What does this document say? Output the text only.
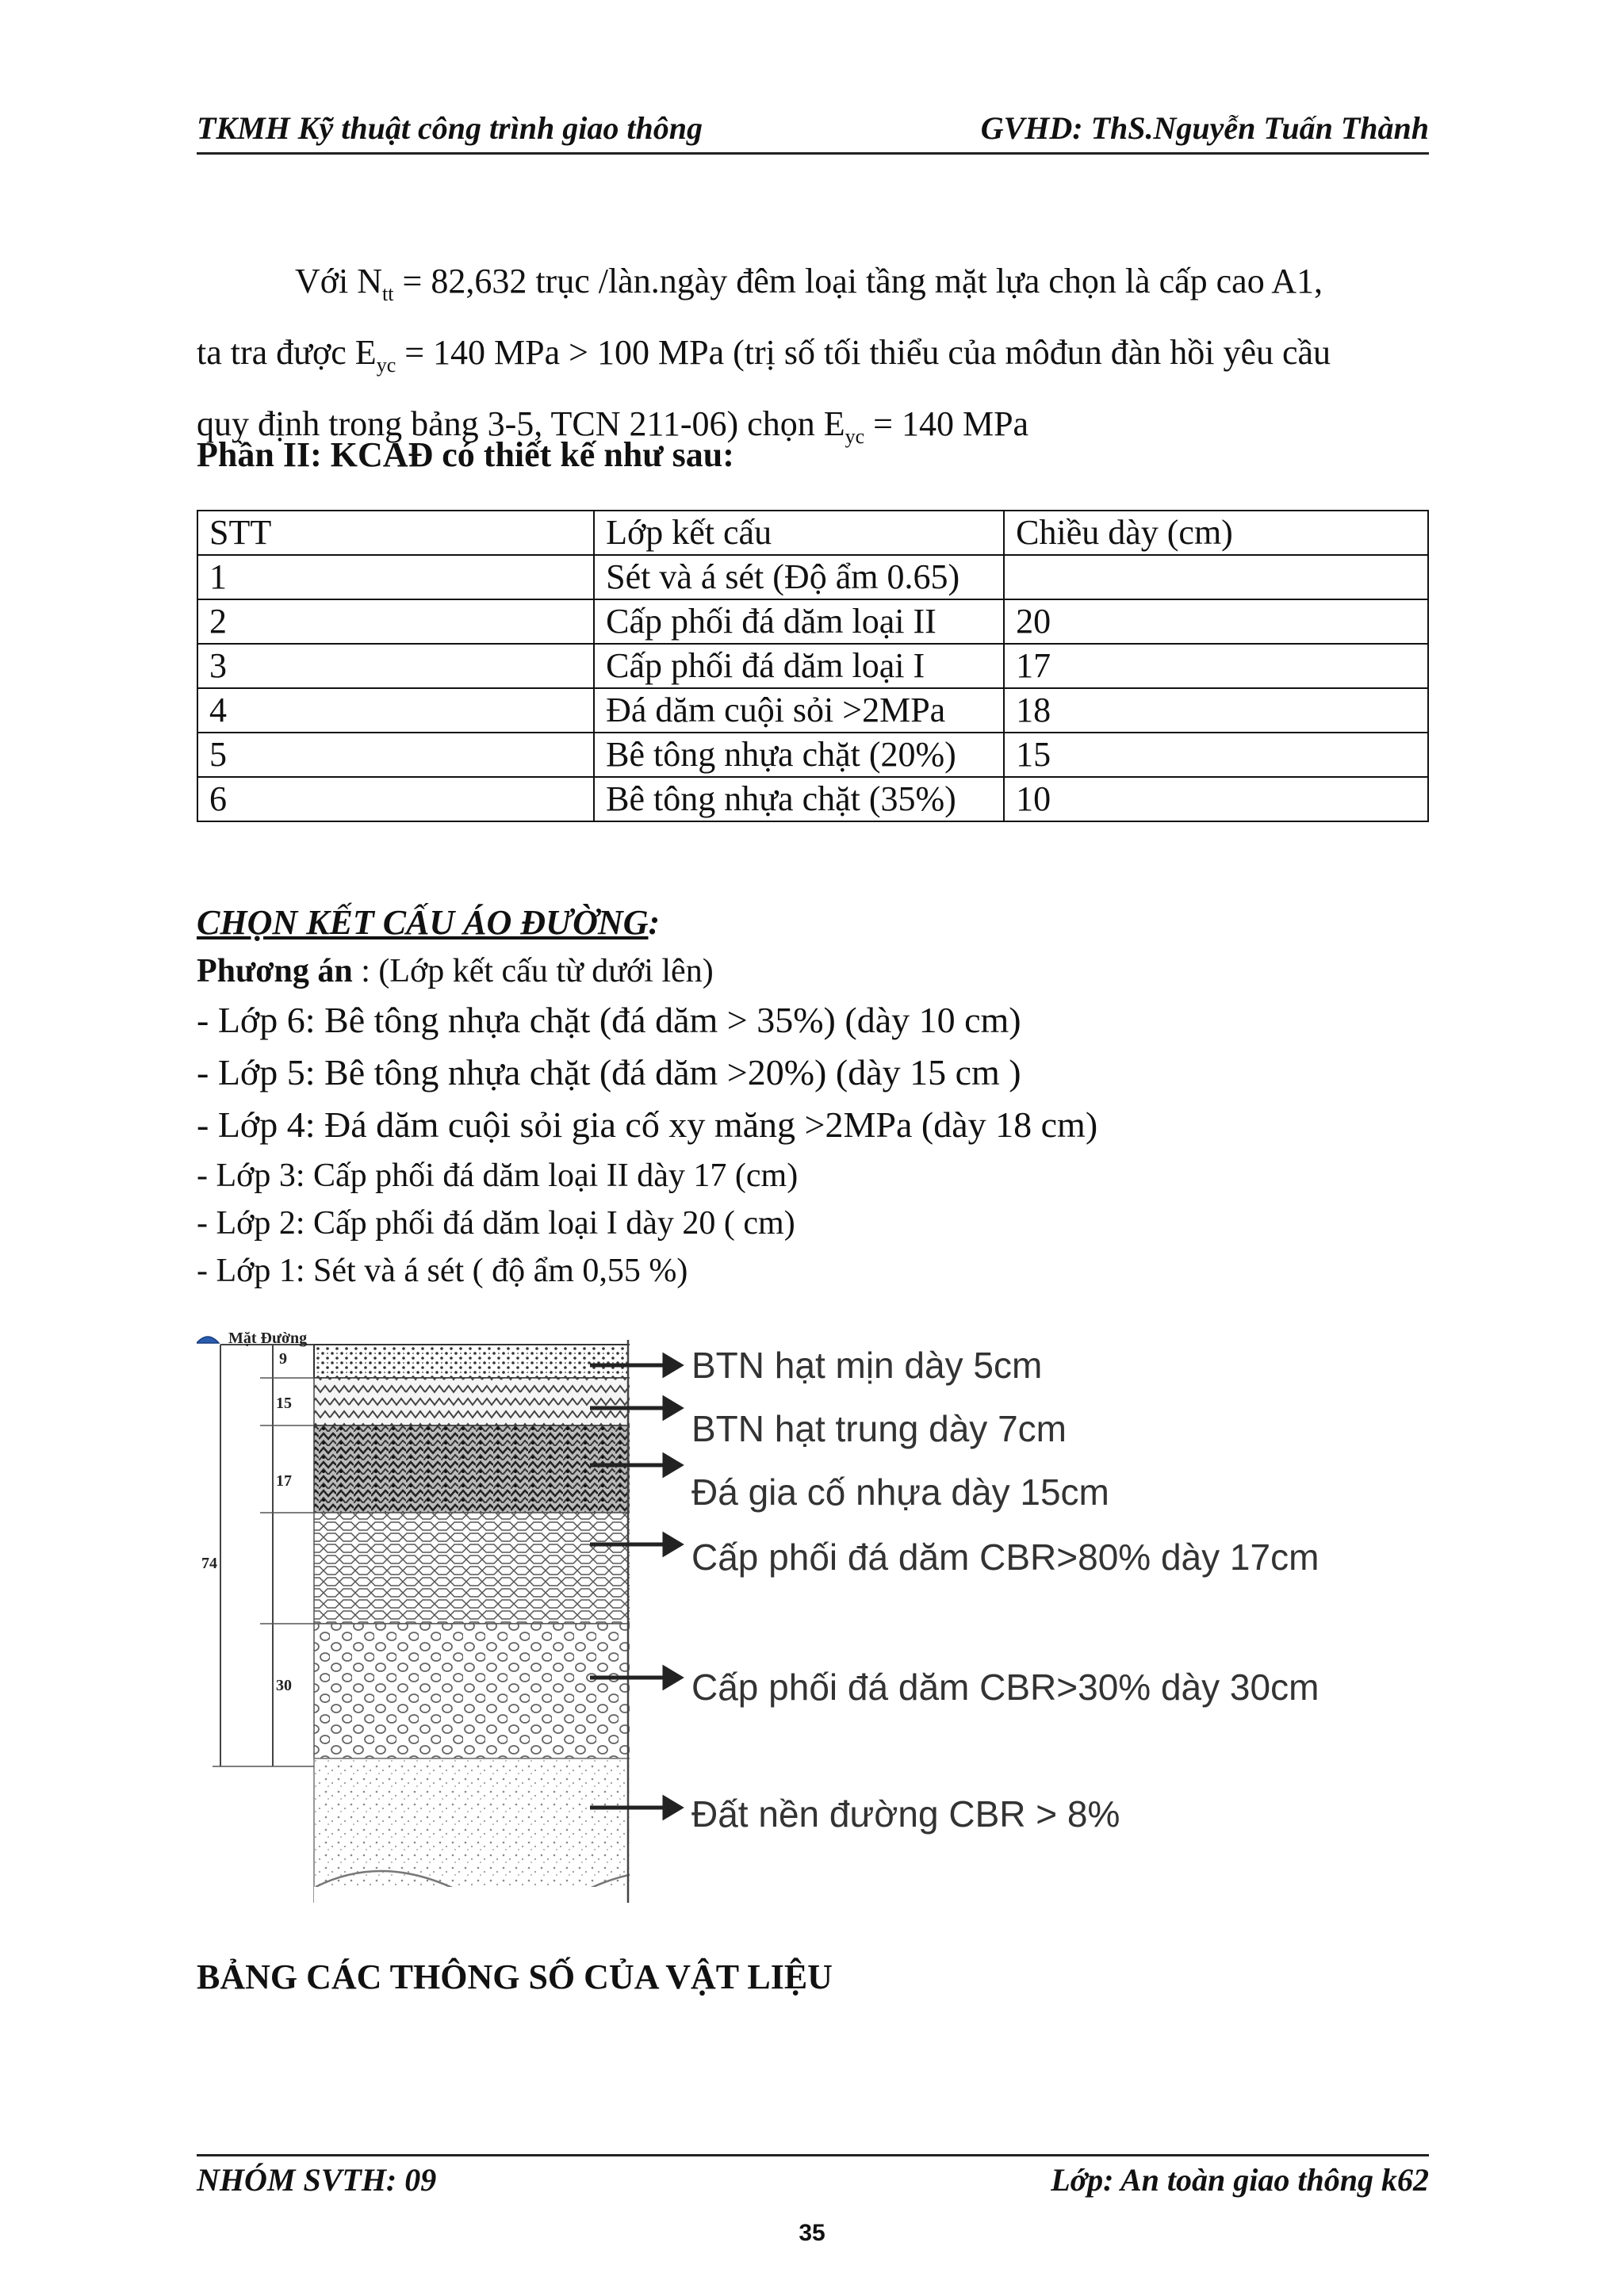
TKMH Kỹ thuật công trình giao thông	GVHD: ThS.Nguyễn Tuấn Thành
Với $N_{tt} = 82,632$ trục /làn.ngày đêm loại tầng mặt lựa chọn là cấp cao A1,
ta tra được $E_{yc} = 140$ MPa > 100 MPa (trị số tối thiểu của môđun đàn hồi yêu cầu
quy định trong bảng 3-5, TCN 211-06) chọn $E_{yc} = 140$ MPa
Phần II: KCAĐ có thiết kế như sau:
STT	Lớp kết cấu	Chiều dày (cm)
1	Sét và á sét (Độ ẩm 0.65)	
2	Cấp phối đá dăm loại II	20
3	Cấp phối đá dăm loại I	17
4	Đá dăm cuội sỏi >2MPa	18
5	Bê tông nhựa chặt (20%)	15
6	Bê tông nhựa chặt (35%)	10
CHỌN KẾT CẤU ÁO ĐƯỜNG:
Phương án : (Lớp kết cấu từ dưới lên)
- Lớp 6: Bê tông nhựa chặt (đá dăm > 35%) (dày 10 cm)
- Lớp 5: Bê tông nhựa chặt (đá dăm >20%) (dày 15 cm )
- Lớp 4: Đá dăm cuội sỏi gia cố xy măng >2MPa (dày 18 cm)
- Lớp 3: Cấp phối đá dăm loại II dày 17 (cm)
- Lớp 2: Cấp phối đá dăm loại I dày 20 ( cm)
- Lớp 1: Sét và á sét ( độ ẩm 0,55 %)
Mặt Đường
9
15
17
30
74
BTN hạt mịn dày 5cm
BTN hạt trung dày 7cm
Đá gia cố nhựa dày 15cm
Cấp phối đá dăm CBR>80% dày 17cm
Cấp phối đá dăm CBR>30% dày 30cm
Đất nền đường CBR > 8%
BẢNG CÁC THÔNG SỐ CỦA VẬT LIỆU
NHÓM SVTH: 09	Lớp: An toàn giao thông k62
35
